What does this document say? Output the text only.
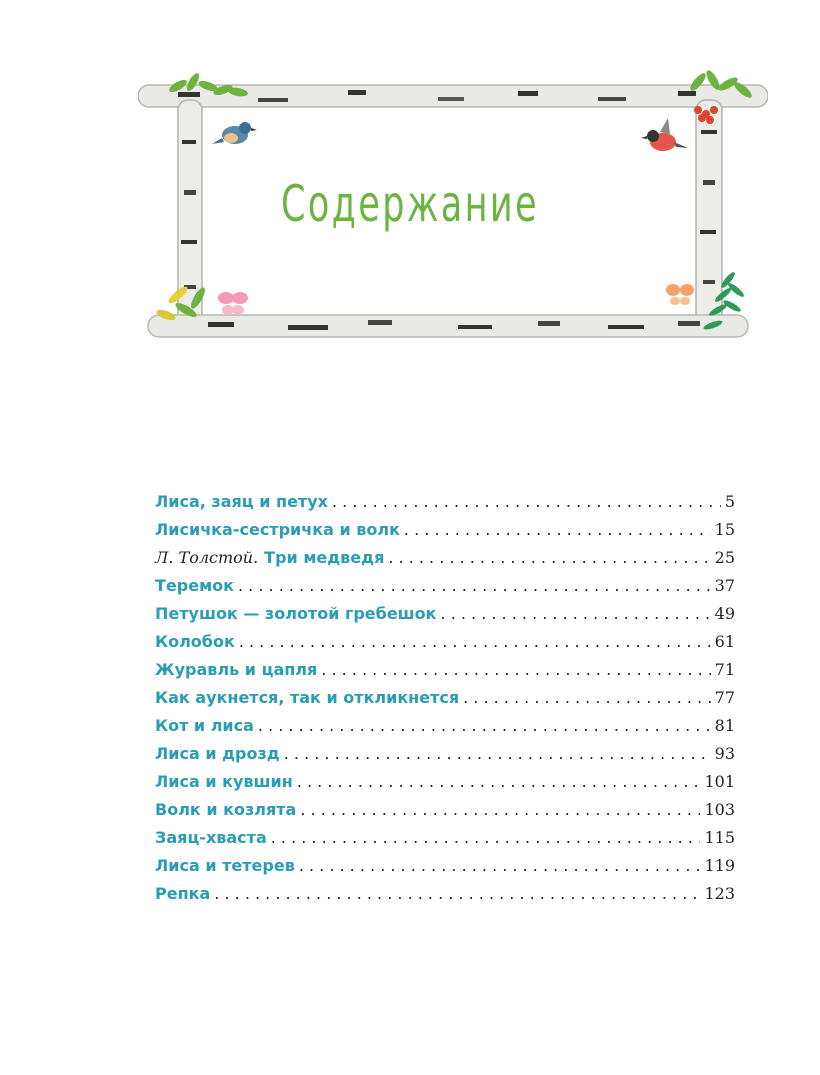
Содержание
Лиса, заяц и петух . . .	5
Лисичка-сестричка и волк . . .	15
Л. Толстой. Три медведя . . .	25
Теремок . . .	37
Петушок — золотой гребешок . . .	49
Колобок . . .	61
Журавль и цапля . . .	71
Как аукнется, так и откликнется . . .	77
Кот и лиса . . .	81
Лиса и дрозд . . .	93
Лиса и кувшин . . .	101
Волк и козлята . . .	103
Заяц-хваста . . .	115
Лиса и тетерев . . .	119
Репка . . .	123
